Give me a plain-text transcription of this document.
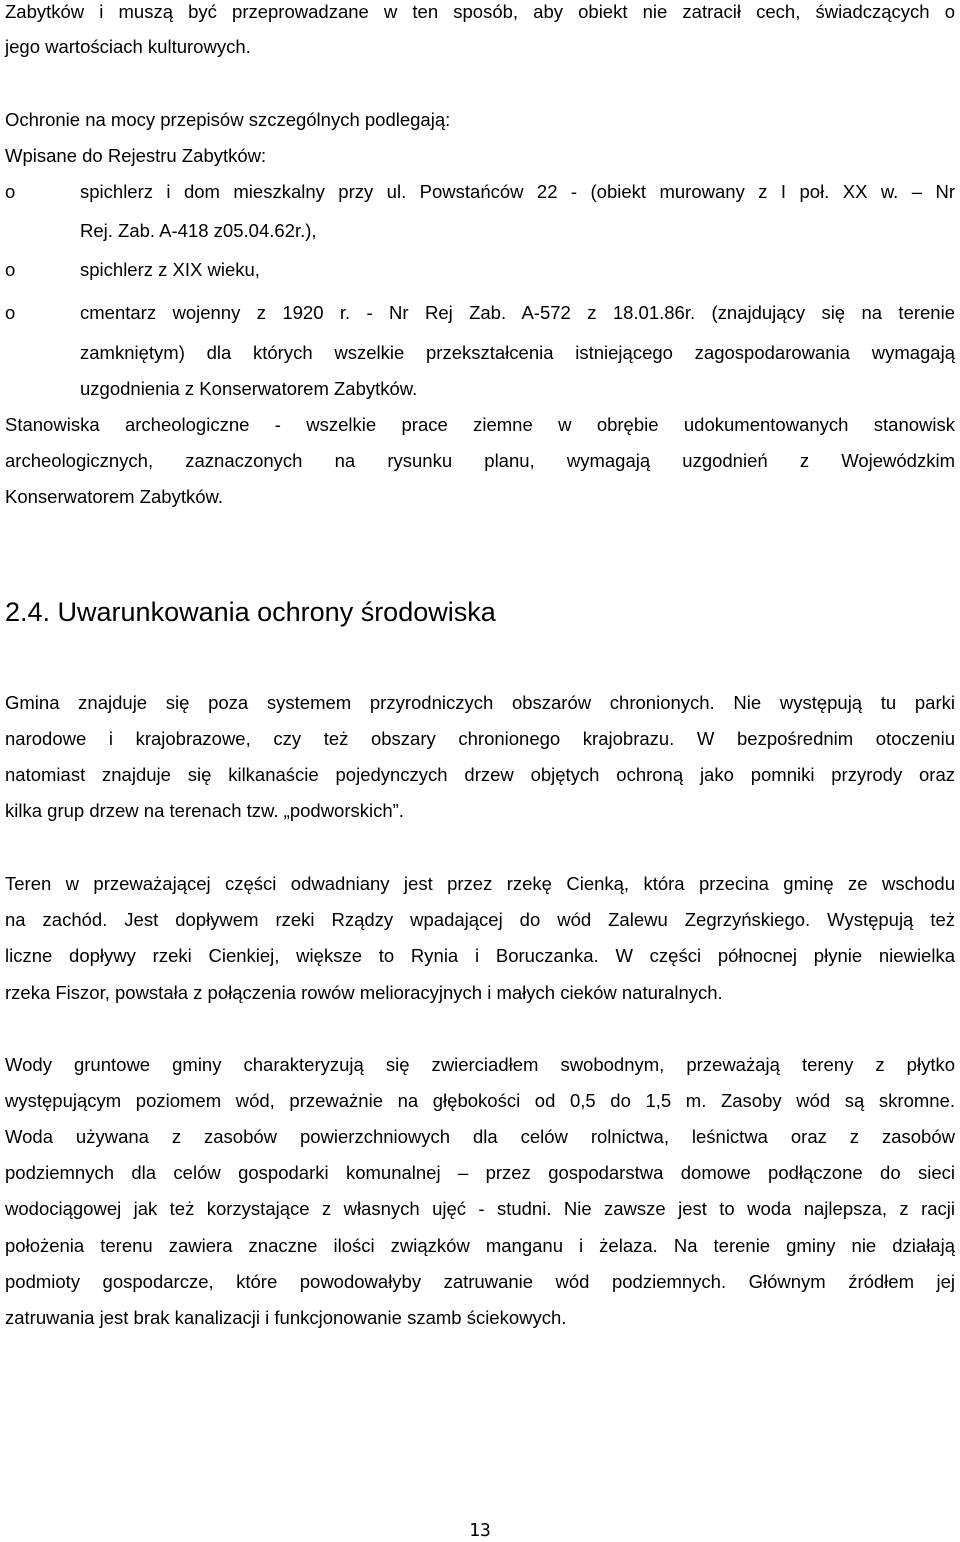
Zabytków i muszą być przeprowadzane w ten sposób, aby obiekt nie zatracił cech, świadczących o
jego wartościach kulturowych.
Ochronie na mocy przepisów szczególnych podlegają:
Wpisane do Rejestru Zabytków:
o	spichlerz i dom mieszkalny przy ul. Powstańców 22 - (obiekt murowany z I poł. XX w. – Nr
Rej. Zab. A-418 z05.04.62r.),
o	spichlerz z XIX wieku,
o	cmentarz wojenny z 1920 r. - Nr Rej Zab. A-572 z 18.01.86r. (znajdujący się na terenie
zamkniętym) dla których wszelkie przekształcenia istniejącego zagospodarowania wymagają
uzgodnienia z Konserwatorem Zabytków.
Stanowiska archeologiczne - wszelkie prace ziemne w obrębie udokumentowanych stanowisk
archeologicznych, zaznaczonych na rysunku planu, wymagają uzgodnień z Wojewódzkim
Konserwatorem Zabytków.
2.4. Uwarunkowania ochrony środowiska
Gmina znajduje się poza systemem przyrodniczych obszarów chronionych. Nie występują tu parki
narodowe i krajobrazowe, czy też obszary chronionego krajobrazu. W bezpośrednim otoczeniu
natomiast znajduje się kilkanaście pojedynczych drzew objętych ochroną jako pomniki przyrody oraz
kilka grup drzew na terenach tzw. „podworskich”.
Teren w przeważającej części odwadniany jest przez rzekę Cienką, która przecina gminę ze wschodu
na zachód. Jest dopływem rzeki Rządzy wpadającej do wód Zalewu Zegrzyńskiego. Występują też
liczne dopływy rzeki Cienkiej, większe to Rynia i Boruczanka. W części północnej płynie niewielka
rzeka Fiszor, powstała z połączenia rowów melioracyjnych i małych cieków naturalnych.
Wody gruntowe gminy charakteryzują się zwierciadłem swobodnym, przeważają tereny z płytko
występującym poziomem wód, przeważnie na głębokości od 0,5 do 1,5 m. Zasoby wód są skromne.
Woda używana z zasobów powierzchniowych dla celów rolnictwa, leśnictwa oraz z zasobów
podziemnych dla celów gospodarki komunalnej – przez gospodarstwa domowe podłączone do sieci
wodociągowej jak też korzystające z własnych ujęć - studni. Nie zawsze jest to woda najlepsza, z racji
położenia terenu zawiera znaczne ilości związków manganu i żelaza. Na terenie gminy nie działają
podmioty gospodarcze, które powodowałyby zatruwanie wód podziemnych. Głównym źródłem jej
zatruwania jest brak kanalizacji i funkcjonowanie szamb ściekowych.
13
